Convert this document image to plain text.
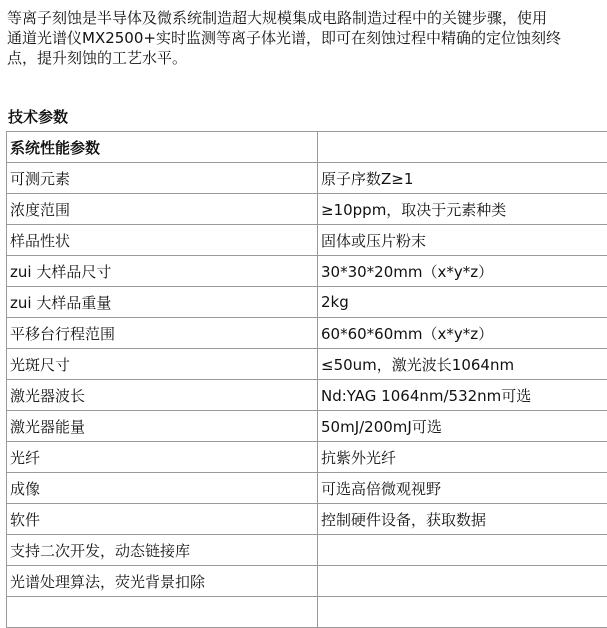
等离子刻蚀是半导体及微系统制造超大规模集成电路制造过程中的关键步骤，使用
通道光谱仪MX2500+实时监测等离子体光谱，即可在刻蚀过程中精确的定位蚀刻终
点，提升刻蚀的工艺水平。
技术参数
系统性能参数	
可测元素	原子序数Z≥1
浓度范围	≥10ppm，取决于元素种类
样品性状	固体或压片粉末
zui 大样品尺寸	30*30*20mm（x*y*z）
zui 大样品重量	2kg
平移台行程范围	60*60*60mm（x*y*z）
光斑尺寸	≤50um，激光波长1064nm
激光器波长	Nd:YAG 1064nm/532nm可选
激光器能量	50mJ/200mJ可选
光纤	抗紫外光纤
成像	可选高倍微观视野
软件	控制硬件设备，获取数据
支持二次开发，动态链接库	
光谱处理算法，荧光背景扣除	
